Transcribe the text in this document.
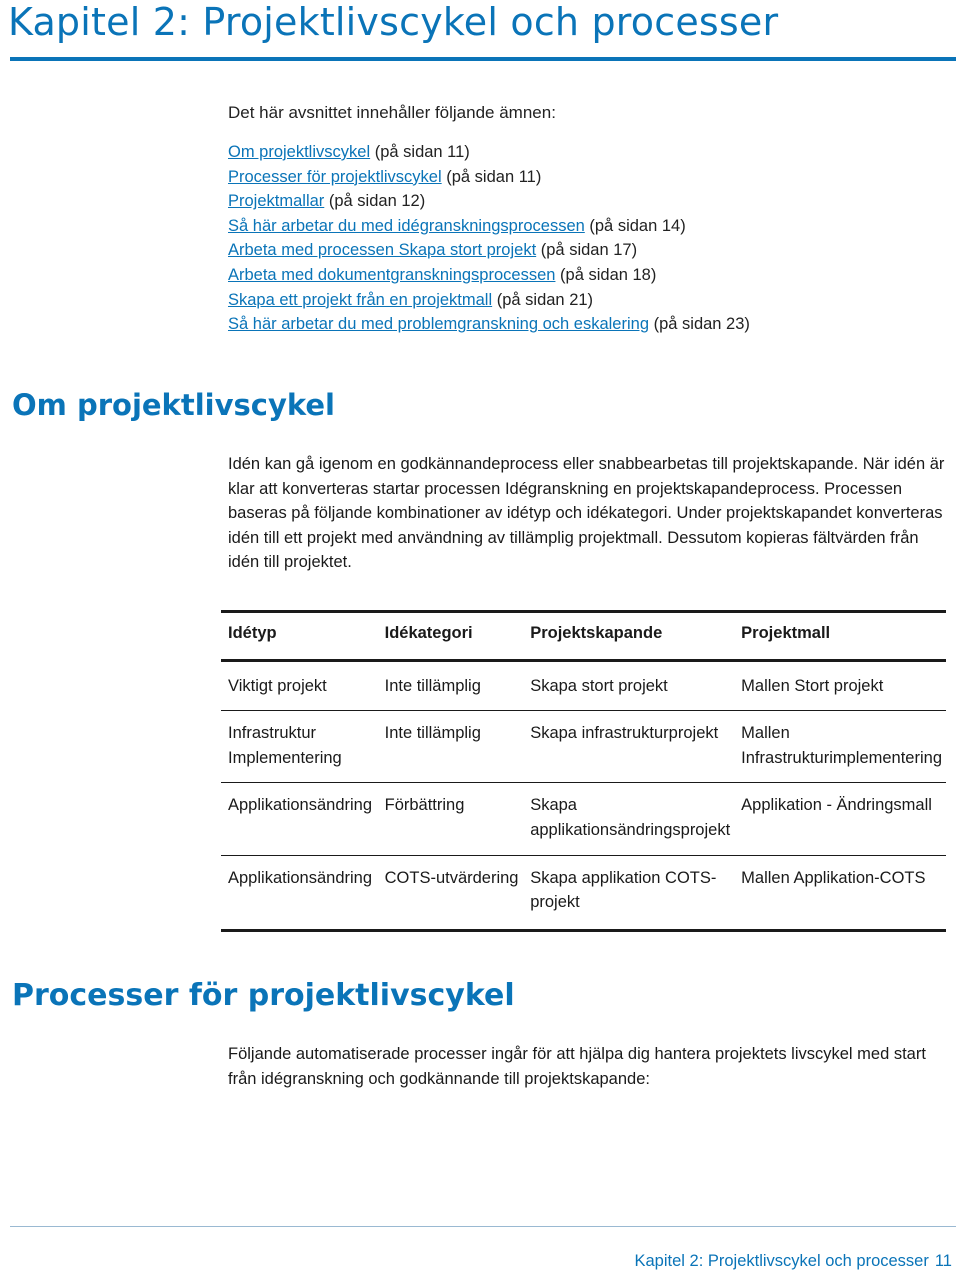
Kapitel 2: Projektlivscykel och processer

Det här avsnittet innehåller följande ämnen:

Om projektlivscykel (på sidan 11)
Processer för projektlivscykel (på sidan 11)
Projektmallar (på sidan 12)
Så här arbetar du med idégranskningsprocessen (på sidan 14)
Arbeta med processen Skapa stort projekt (på sidan 17)
Arbeta med dokumentgranskningsprocessen (på sidan 18)
Skapa ett projekt från en projektmall (på sidan 21)
Så här arbetar du med problemgranskning och eskalering (på sidan 23)
Om projektlivscykel

Idén kan gå igenom en godkännandeprocess eller snabbearbetas till projektskapande. När idén är klar att konverteras startar processen Idégranskning en projektskapandeprocess. Processen baseras på följande kombinationer av idétyp och idékategori. Under projektskapandet konverteras idén till ett projekt med användning av tillämplig projektmall. Dessutom kopieras fältvärden från idén till projektet.

Idétyp	Idékategori	Projektskapande	Projektmall
Viktigt projekt	Inte tillämplig	Skapa stort projekt	Mallen Stort projekt
Infrastruktur Implementering	Inte tillämplig	Skapa infrastrukturprojekt	Mallen Infrastrukturimplementering
Applikationsändring	Förbättring	Skapa applikationsändringsprojekt	Applikation - Ändringsmall
Applikationsändring	COTS-utvärdering	Skapa applikation COTS-projekt	Mallen Applikation-COTS
Processer för projektlivscykel

Följande automatiserade processer ingår för att hjälpa dig hantera projektets livscykel med start från idégranskning och godkännande till projektskapande:

Kapitel 2: Projektlivscykel och processer 11
